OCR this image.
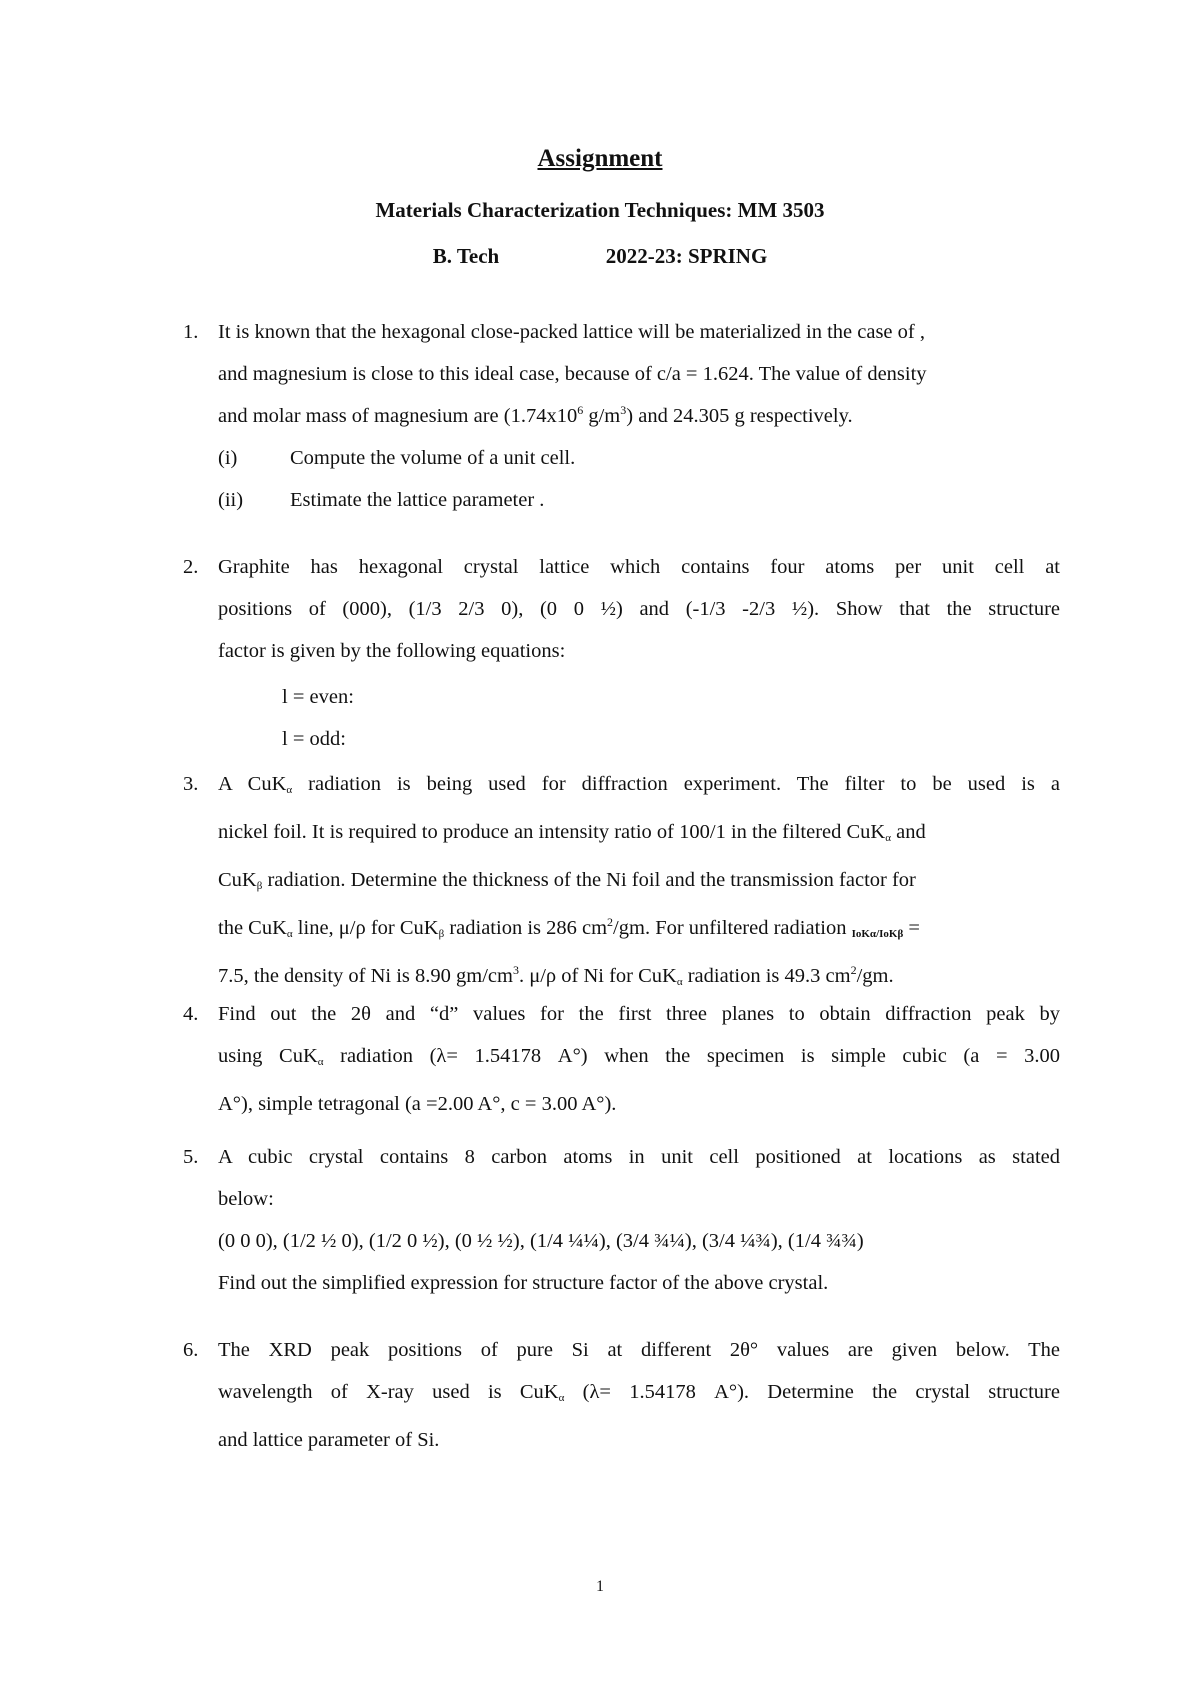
Assignment
Materials Characterization Techniques: MM 3503
B. Tech	2022-23: SPRING
1. It is known that the hexagonal close-packed lattice will be materialized in the case of ,
and magnesium is close to this ideal case, because of c/a = 1.624. The value of density
and molar mass of magnesium are ($1.74x10^6$ $g/m^3$) and 24.305 g respectively.
(i)	Compute the volume of a unit cell.
(ii) Estimate the lattice parameter .
2. Graphite has hexagonal crystal lattice which contains four atoms per unit cell at
positions of (000), (1/3 2/3 0), (0 0 ½) and (-1/3 -2/3 ½). Show that the structure
factor is given by the following equations:
l = even:
l = odd:
3. A CuKα radiation is being used for diffraction experiment. The filter to be used is a
nickel foil. It is required to produce an intensity ratio of 100/1 in the filtered CuKα and
CuKβ radiation. Determine the thickness of the Ni foil and the transmission factor for
the CuKα line, μ/ρ for CuKβ radiation is 286 $cm^2/gm$. For unfiltered radiation IoKα/IoKβ =
7.5, the density of Ni is 8.90 $gm/cm^3$. μ/ρ of Ni for CuKα radiation is 49.3 $cm^2/gm$.
4. Find out the 2θ and “d” values for the first three planes to obtain diffraction peak by
using CuKα radiation (λ= 1.54178 A°) when the specimen is simple cubic (a = 3.00
A°), simple tetragonal (a =2.00 A°, c = 3.00 A°).
5. A cubic crystal contains 8 carbon atoms in unit cell positioned at locations as stated
below:
(0 0 0), (1/2 ½ 0), (1/2 0 ½), (0 ½ ½), (1/4 ¼¼), (3/4 ¾¼), (3/4 ¼¾), (1/4 ¾¾)
Find out the simplified expression for structure factor of the above crystal.
6. The XRD peak positions of pure Si at different 2θ° values are given below. The
wavelength of X-ray used is CuKα (λ= 1.54178 A°). Determine the crystal structure
and lattice parameter of Si.
1
